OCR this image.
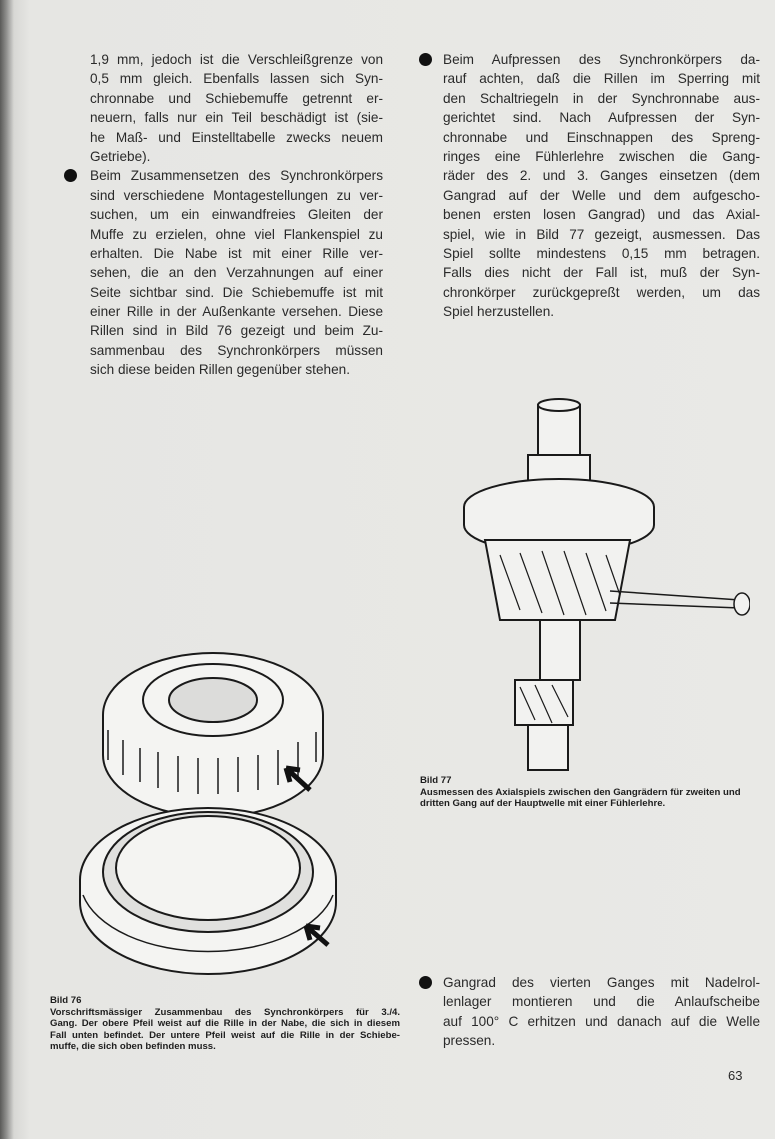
1,9 mm, jedoch ist die Verschleißgrenze von
0,5 mm gleich. Ebenfalls lassen sich Syn-
chronnabe und Schiebemuffe getrennt er-
neuern, falls nur ein Teil beschädigt ist (sie-
he Maß- und Einstelltabelle zwecks neuem
Getriebe).
Beim Zusammensetzen des Synchronkörpers
sind verschiedene Montagestellungen zu ver-
suchen, um ein einwandfreies Gleiten der
Muffe zu erzielen, ohne viel Flankenspiel zu
erhalten. Die Nabe ist mit einer Rille ver-
sehen, die an den Verzahnungen auf einer
Seite sichtbar sind. Die Schiebemuffe ist mit
einer Rille in der Außenkante versehen. Diese
Rillen sind in Bild 76 gezeigt und beim Zu-
sammenbau des Synchronkörpers müssen
sich diese beiden Rillen gegenüber stehen.
Beim Aufpressen des Synchronkörpers da-
rauf achten, daß die Rillen im Sperring mit
den Schaltriegeln in der Synchronnabe aus-
gerichtet sind. Nach Aufpressen der Syn-
chronnabe und Einschnappen des Spreng-
ringes eine Fühlerlehre zwischen die Gang-
räder des 2. und 3. Ganges einsetzen (dem
Gangrad auf der Welle und dem aufgescho-
benen ersten losen Gangrad) und das Axial-
spiel, wie in Bild 77 gezeigt, ausmessen. Das
Spiel sollte mindestens 0,15 mm betragen.
Falls dies nicht der Fall ist, muß der Syn-
chronkörper zurückgepreßt werden, um das
Spiel herzustellen.
Gangrad des vierten Ganges mit Nadelrol-
lenlager montieren und die Anlaufscheibe
auf 100° C erhitzen und danach auf die Welle
pressen.
Bild 76
Vorschriftsmässiger Zusammenbau des Synchronkörpers für 3./4.
Gang. Der obere Pfeil weist auf die Rille in der Nabe, die sich in diesem
Fall unten befindet. Der untere Pfeil weist auf die Rille in der Schiebe-
muffe, die sich oben befinden muss.
Bild 77
Ausmessen des Axialspiels zwischen den Gangrädern für zweiten und
dritten Gang auf der Hauptwelle mit einer Fühlerlehre.
63
